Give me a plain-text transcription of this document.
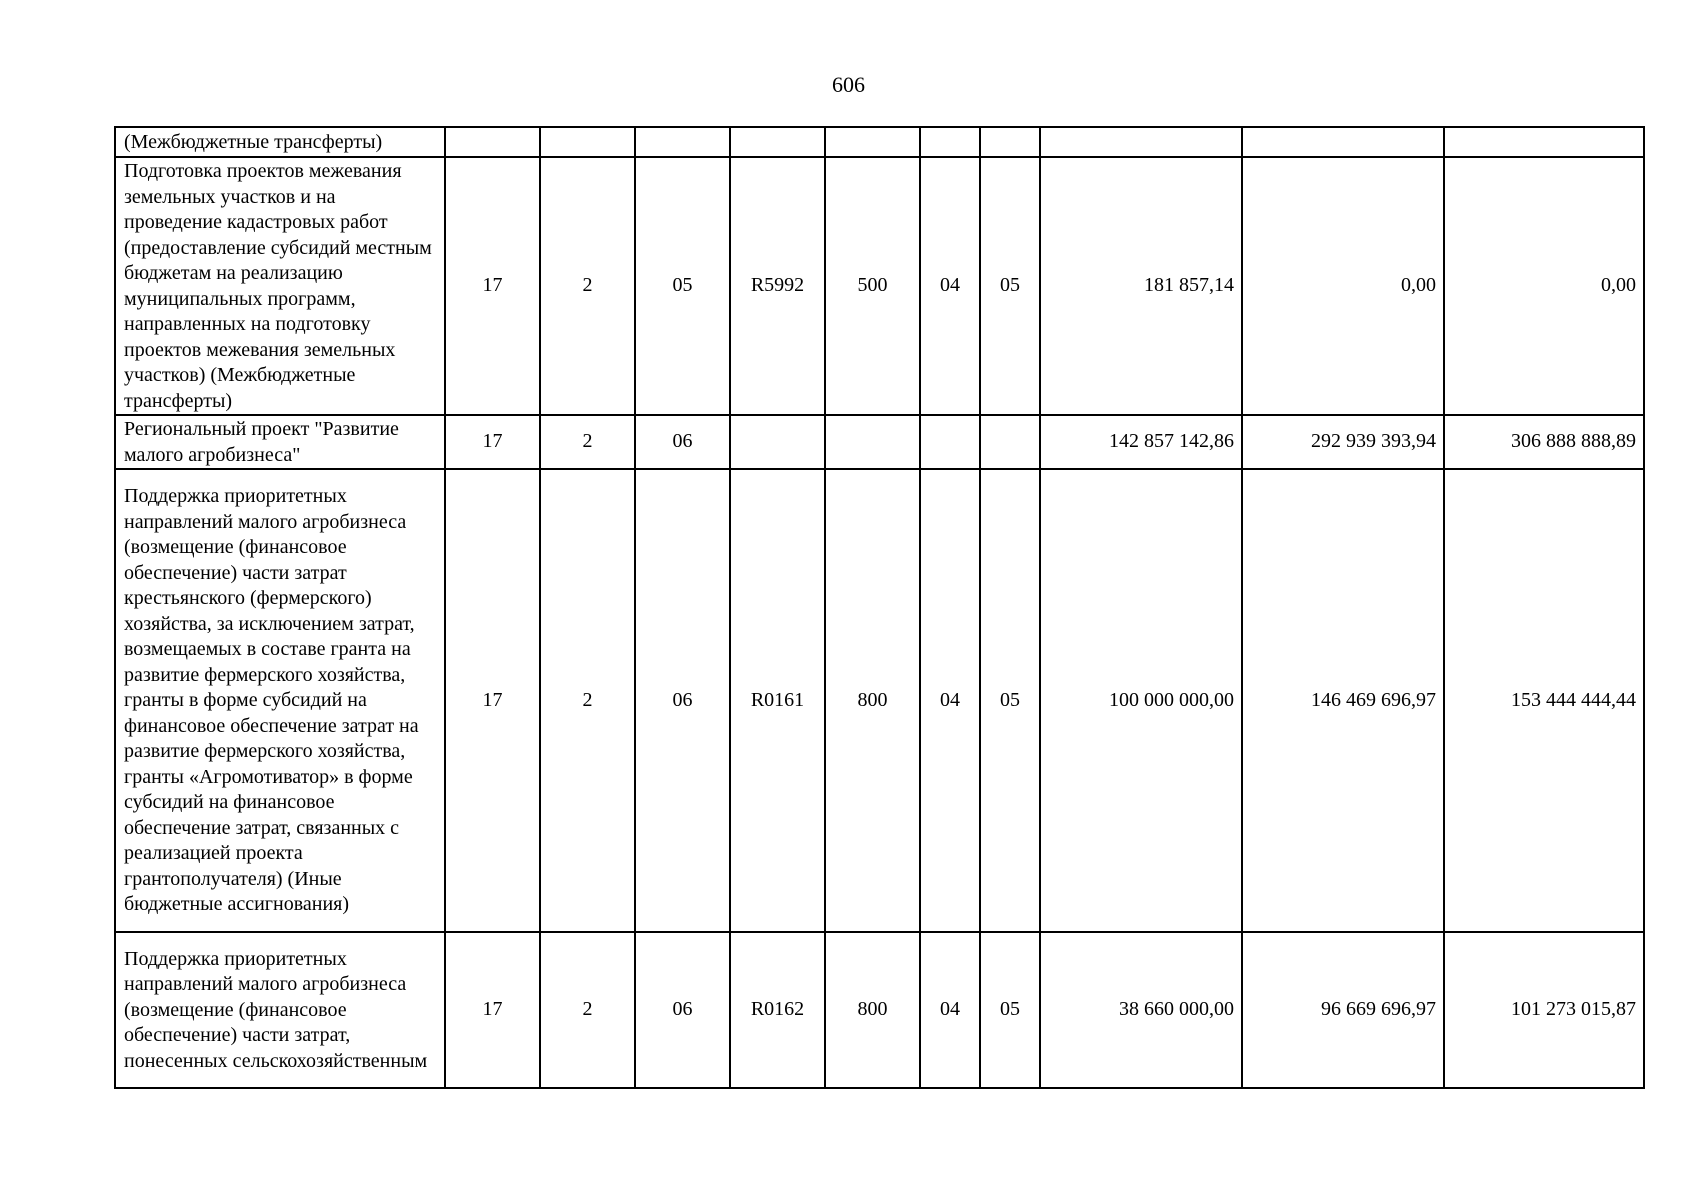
606
(Межбюджетные трансферты)										
Подготовка проектов межевания земельных участков и на проведение кадастровых работ (предоставление субсидий местным бюджетам на реализацию муниципальных программ, направленных на подготовку проектов межевания земельных участков) (Межбюджетные трансферты)	17	2	05	R5992	500	04	05	181 857,14	0,00	0,00
Региональный проект "Развитие малого агробизнеса"	17	2	06					142 857 142,86	292 939 393,94	306 888 888,89
Поддержка приоритетных направлений малого агробизнеса (возмещение (финансовое обеспечение) части затрат крестьянского (фермерского) хозяйства, за исключением затрат, возмещаемых в составе гранта на развитие фермерского хозяйства, гранты в форме субсидий на финансовое обеспечение затрат на развитие фермерского хозяйства, гранты «Агромотиватор» в форме субсидий на финансовое обеспечение затрат, связанных с реализацией проекта грантополучателя) (Иные бюджетные ассигнования)	17	2	06	R0161	800	04	05	100 000 000,00	146 469 696,97	153 444 444,44
Поддержка приоритетных направлений малого агробизнеса (возмещение (финансовое обеспечение) части затрат, понесенных сельскохозяйственным	17	2	06	R0162	800	04	05	38 660 000,00	96 669 696,97	101 273 015,87
